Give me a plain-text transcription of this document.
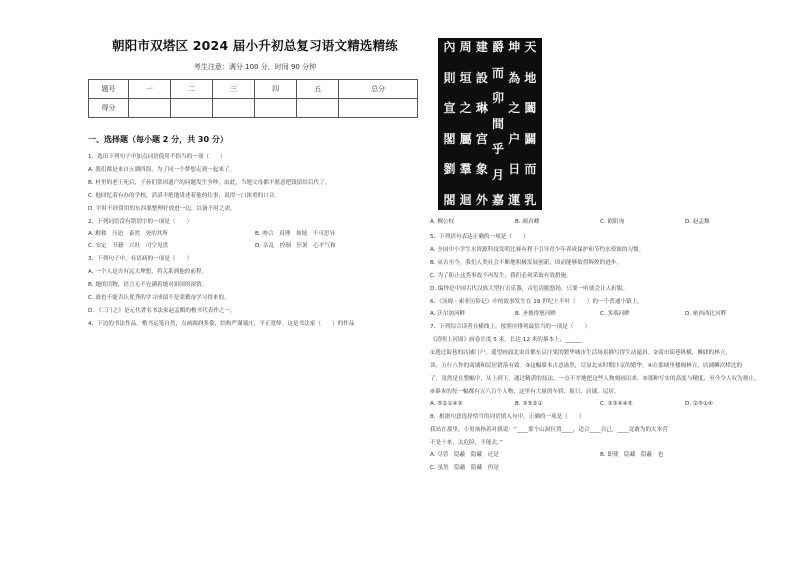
朝阳市双塔区 2024 届小升初总复习语文精选精练
考生注意：满分 100 分，时间 90 分钟
题号	一	二	三	四	五	总分
得分						
一、选择题（每小题 2 分，共 30 分）
1、选出下列句子中加点词语使用不恰当的一项（　　）
A. 我们都是来自五湖四海，为了同一个梦想走到一起来了。
B. 村里的老王死后，子孙们常因遗产的问题发生争吵，由此，当地父母都不愿意把钱留给后代了。
C. 他回忆着有办的学校，滔滔不绝地讲述着他的往事，说得一口浓重的口音。
D. 平时不经常用的东西要整理好放进一边，以备不时之需。
2、下列词语没有错别字的一项是（　　）
A. 解救　压迫　泰然　死的其所	B. 吻合　真理　领域　不可思异
C. 安定　书籍　兴旺　司空见贯	D. 杂乱　控制　狂暑　心平气和
3、下列句子中，有语病的一项是（　　）
A. 一个人是否有远大理想，将关系到他的前程。
B. 她的语物，语言无不充满着她对祖国的深情。
C. 谁也不能否认优秀的学习成绩不是靠勤奋学习得来的。
D. 《三门之》是元代著名书法家赵孟頫的楷书代表作之一。
4、下边的书法作品，楷书运笔自然，点画圆润多姿，结构严谨端庄，平正宽绰。这是书法家（　　）的作品
天
地
闔
闢
而
乳
坤
為
之
户
日
運
爵
而
卯
間
乎
月
嘉
建
設
琳
宫
象
外
周
垣
之
屬
羣
迴
內
則
宣
閣
劉
閤
A. 柳公权	B. 颜真卿	C. 欧阳询	D. 赵孟頫
5、下列语句表达正确的一项是（　　）
A. 全国中小学生水资源科技发明比赛有利于引导青少年养成保护和节约水资源的习惯。
B. 从古至今，我们人类社会不断地积极发展创新，因而能够取得辉煌的进步。
C. 为了防止这类事故不再发生，我们必须采取有效措施。
D. 编钟是中国古代汉族大型打击乐器，音色清脆悠扬，只要一听就会让人折服。
6、《汤姆・索亚历险记》中的故事发生在 19 世纪上半叶（　　）的一个普通小镇上。
A. 沃尔加河畔	B. 圣彼得堡河畔	C. 多瑙河畔	D. 密西西比河畔
7、下列综合读者在横线上，按照序排列最恰当的一项是（　　）
《清明上河图》画卷长度 5 米，长达 12 米的摹本上，______
①透过街巷的店铺门户，遥望画面北宋首都东京汴梁的繁华城市生活场景描写得生动逼真。②商市街巷纵横，摊肆的林立，
谈、五行八作的商铺和民居错落有致。③这幅摹本古意盎然，尽显北宋时期汴京的繁华。④在那城里楼阁林立、店铺鳞次栉比的
了，竟然是在整幅中，从上到下，通过精湛的技法，一点不差地把这些人物刻画出来。⑤那种写实的高度与精度，至今令人叹为观止。
⑥摹本的每一幅都有五六百个人物，这里有大量的车轿、船只、店铺、民居。
A. ⑤②①④③	B. ③⑤②①	C. ③③④④⑤	D. ②⑤①④
8、根据句意选择恰当的词语填入句中，正确的一项是（　　）
我站在那里，小男孩指着对我说：“____那个山洞位置____，适合____自己，____竟敢为的大本营
不是十来，太危险，不能去。”
A. 尽管　隐蔽　隐藏　还是	B. 即使　隐藏　隐蔽　也
C. 虽然　隐蔽　隐藏　但是
